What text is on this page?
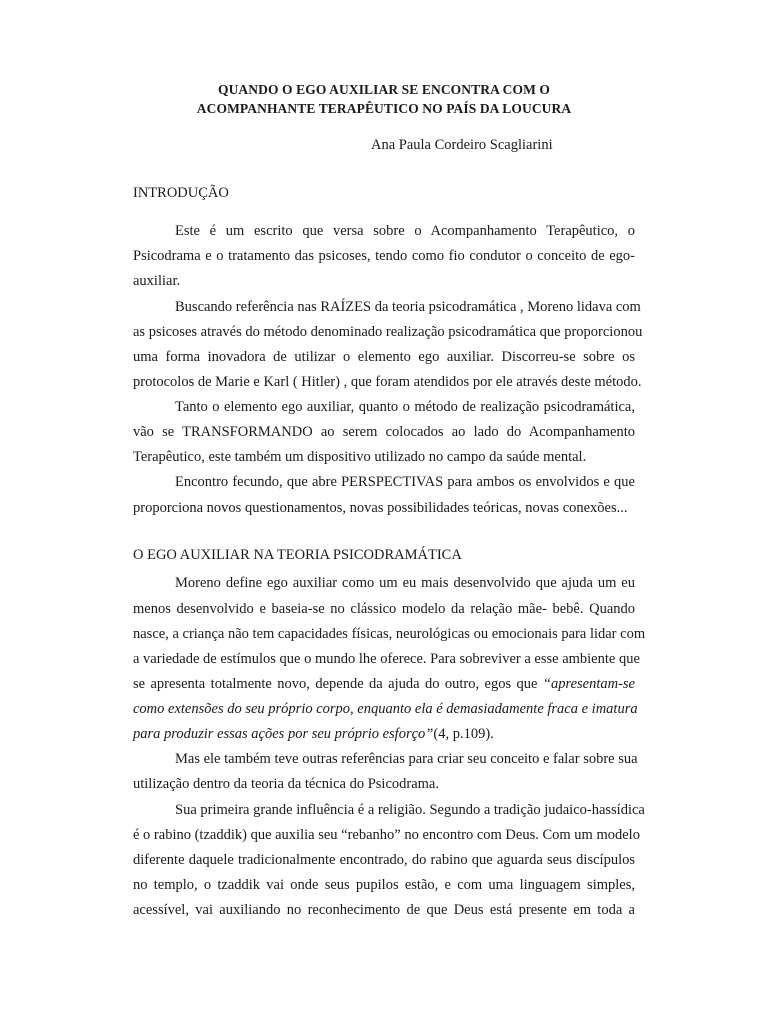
QUANDO O EGO AUXILIAR SE ENCONTRA COM O
ACOMPANHANTE TERAPÊUTICO NO PAÍS DA LOUCURA
Ana Paula Cordeiro Scagliarini
INTRODUÇÃO
Este é um escrito que versa sobre o Acompanhamento Terapêutico, o
Psicodrama e o tratamento das psicoses, tendo como fio condutor o conceito de ego-
auxiliar.
Buscando referência nas RAÍZES da teoria psicodramática , Moreno lidava com
as psicoses através do método denominado realização psicodramática que proporcionou
uma forma inovadora de utilizar o elemento ego auxiliar. Discorreu-se sobre os
protocolos de Marie e Karl ( Hitler) , que foram atendidos por ele através deste método.
Tanto o elemento ego auxiliar, quanto o método de realização psicodramática,
vão se TRANSFORMANDO ao serem colocados ao lado do Acompanhamento
Terapêutico, este também um dispositivo utilizado no campo da saúde mental.
Encontro fecundo, que abre PERSPECTIVAS para ambos os envolvidos e que
proporciona novos questionamentos, novas possibilidades teóricas, novas conexões...
O EGO AUXILIAR NA TEORIA PSICODRAMÁTICA
Moreno define ego auxiliar como um eu mais desenvolvido que ajuda um eu
menos desenvolvido e baseia-se no clássico modelo da relação mãe- bebê. Quando
nasce, a criança não tem capacidades físicas, neurológicas ou emocionais para lidar com
a variedade de estímulos que o mundo lhe oferece. Para sobreviver a esse ambiente que
se apresenta totalmente novo, depende da ajuda do outro, egos que “apresentam-se
como extensões do seu próprio corpo, enquanto ela é demasiadamente fraca e imatura
para produzir essas ações por seu próprio esforço”(4, p.109).
Mas ele também teve outras referências para criar seu conceito e falar sobre sua
utilização dentro da teoria da técnica do Psicodrama.
Sua primeira grande influência é a religião. Segundo a tradição judaico-hassídica
é o rabino (tzaddik) que auxilia seu “rebanho” no encontro com Deus. Com um modelo
diferente daquele tradicionalmente encontrado, do rabino que aguarda seus discípulos
no templo, o tzaddik vai onde seus pupilos estão, e com uma linguagem simples,
acessível, vai auxiliando no reconhecimento de que Deus está presente em toda a
